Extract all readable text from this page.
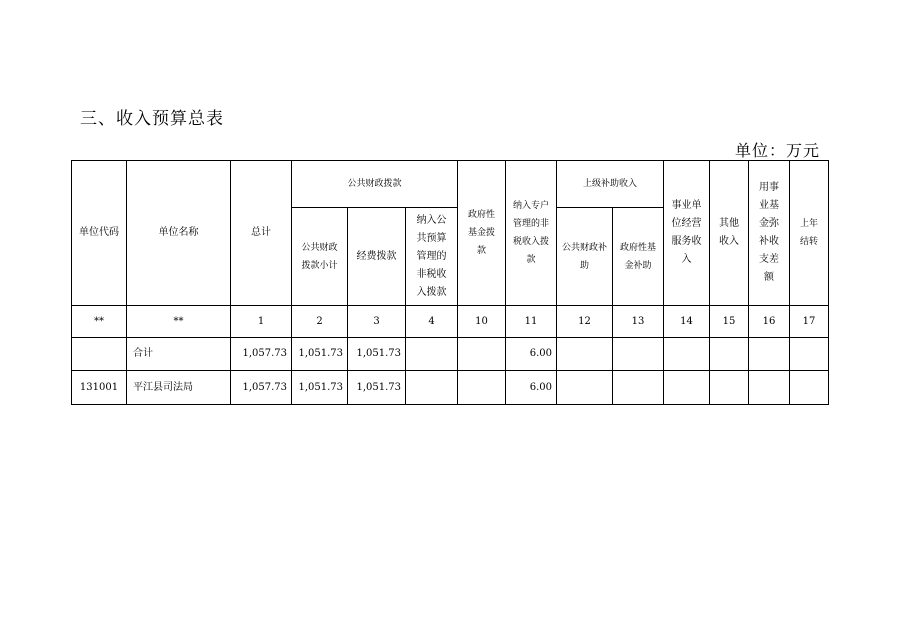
三、收入预算总表
单位：万元
单位代码	单位名称	总计	公共财政拨款			政府性基金拨款	纳入专户管理的非税收入拨款	上级补助收入		事业单位经营服务收入	其他收入	用事业基金弥补收支差额	上年结转
			公共财政拨款小计	经费拨款	纳入公共预算管理的非税收入拨款			公共财政补助	政府性基金补助				

**	**	1	2	3	4	10	11	12	13	14	15	16	17
	合计	1,057.73	1,051.73	1,051.73			6.00						
131001	平江县司法局	1,057.73	1,051.73	1,051.73			6.00						
